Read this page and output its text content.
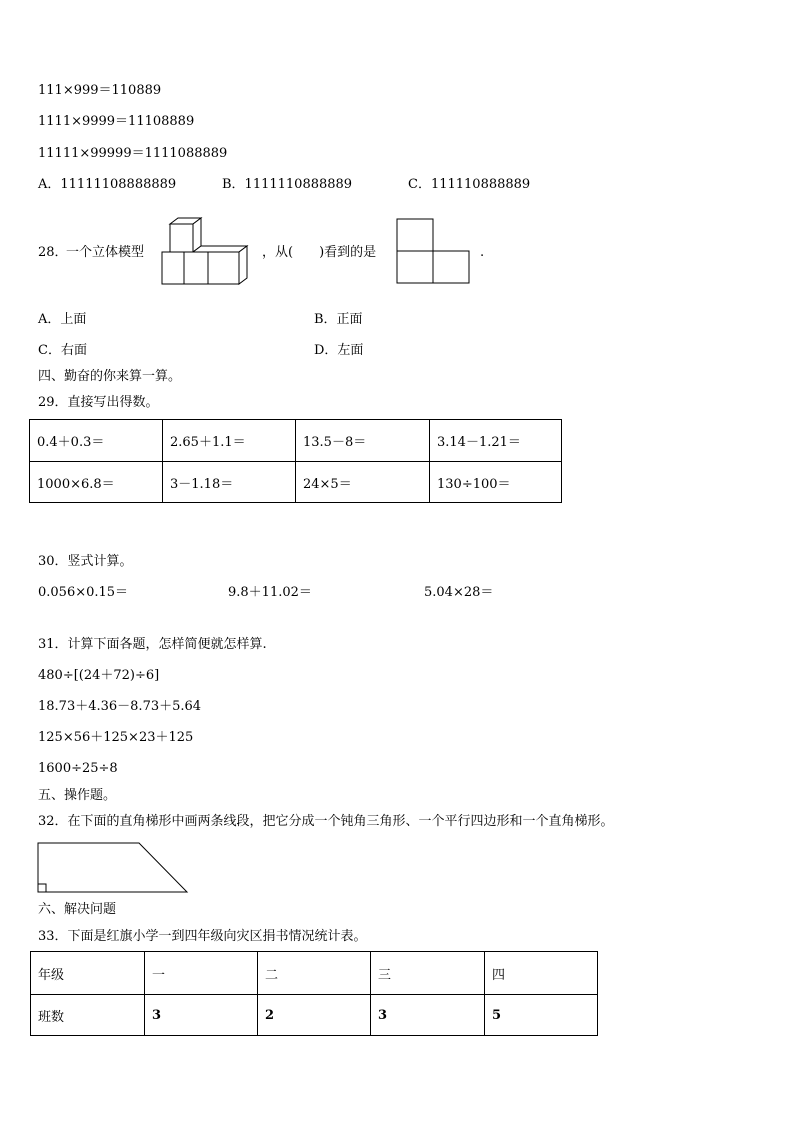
111×999＝110889
1111×9999＝11108889
11111×99999＝1111088889
A．11111108888889	B．1111110888889	C．111110888889
28．
一个立体模型	，从(　　)看到的是	.
A．上面	B．正面
C．右面	D．左面
四、勤奋的你来算一算。
29．直接写出得数。
0.4＋0.3＝	2.65＋1.1＝	13.5－8＝	3.14－1.21＝
1000×6.8＝	3－1.18＝	24×5＝	130÷100＝
30．竖式计算。
0.056×0.15＝	9.8＋11.02＝	5.04×28＝
31．计算下面各题，怎样简便就怎样算.
480÷[(24＋72)÷6]
18.73＋4.36－8.73＋5.64
125×56＋125×23＋125
1600÷25÷8
五、操作题。
32．在下面的直角梯形中画两条线段，把它分成一个钝角三角形、一个平行四边形和一个直角梯形。
六、解决问题
33．下面是红旗小学一到四年级向灾区捐书情况统计表。
年级	一	二	三	四
班数	3	2	3	5
